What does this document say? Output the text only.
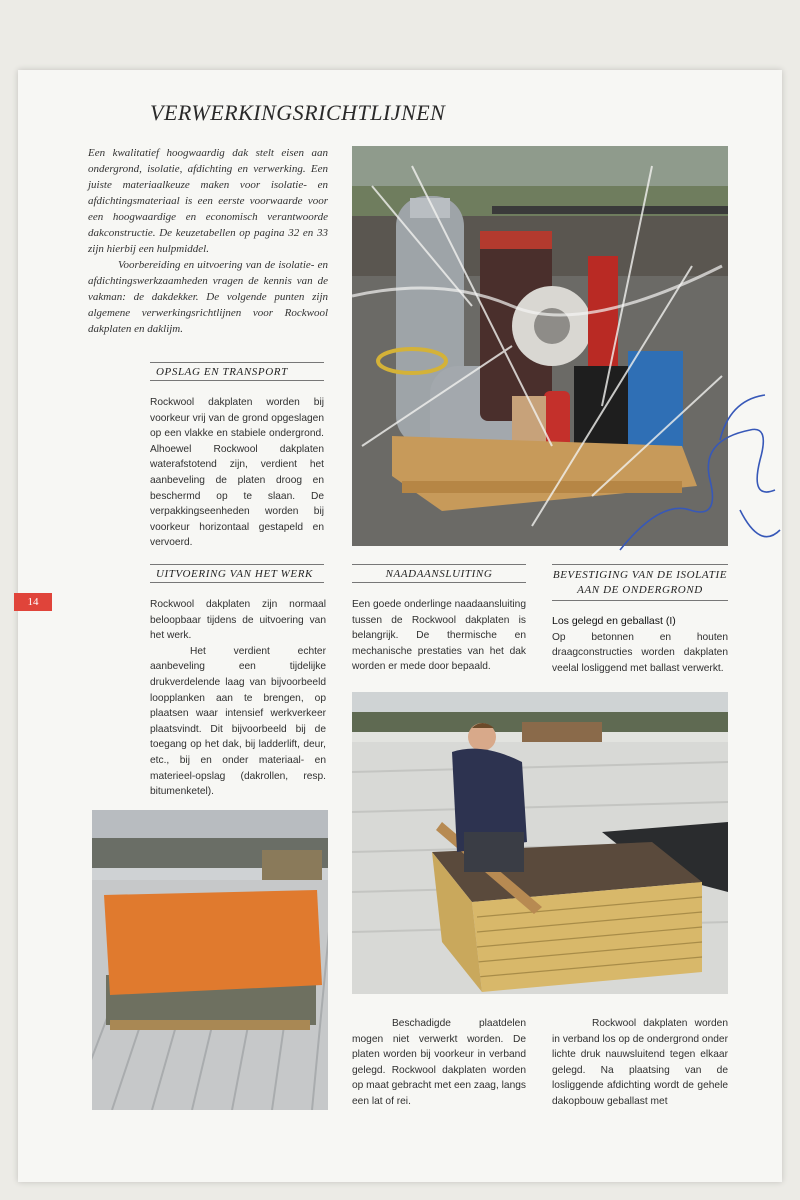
VERWERKINGSRICHTLIJNEN

Een kwalitatief hoogwaardig dak stelt eisen aan ondergrond, isolatie, afdichting en verwerking. Een juiste materiaalkeuze maken voor isolatie- en afdichtingsmateriaal is een eerste voorwaarde voor een hoogwaardige en economisch verantwoorde dakconstructie. De keuzetabellen op pagina 32 en 33 zijn hierbij een hulpmiddel.

Voorbereiding en uitvoering van de isolatie- en afdichtingswerkzaamheden vragen de kennis van de vakman: de dakdekker. De volgende punten zijn algemene verwerkingsrichtlijnen voor Rockwool dakplaten en daklijm.

OPSLAG EN TRANSPORT

Rockwool dakplaten worden bij voorkeur vrij van de grond opgeslagen op een vlakke en stabiele ondergrond. Alhoewel Rockwool dakplaten waterafstotend zijn, verdient het aanbeveling de platen droog en beschermd op te slaan. De verpakkingseenheden worden bij voorkeur horizontaal gestapeld en vervoerd.

14
UITVOERING VAN HET WERK

Rockwool dakplaten zijn normaal beloopbaar tijdens de uitvoering van het werk.

Het verdient echter aanbeveling een tijdelijke drukverdelende laag van bijvoorbeeld loopplanken aan te brengen, op plaatsen waar intensief werkverkeer plaatsvindt. Dit bijvoorbeeld bij de toegang op het dak, bij ladderlift, deur, etc., bij en onder materiaal- en materieel-opslag (dakrollen, resp. bitumenketel).

NAADAANSLUITING

Een goede onderlinge naadaansluiting tussen de Rockwool dakplaten is belangrijk. De thermische en mechanische prestaties van het dak worden er mede door bepaald.

BEVESTIGING VAN DE ISOLATIE
AAN DE ONDERGROND

Los gelegd en geballast (I)

Op betonnen en houten draagconstructies worden dakplaten veelal losliggend met ballast verwerkt.

Beschadigde plaatdelen mogen niet verwerkt worden. De platen worden bij voorkeur in verband gelegd. Rockwool dakplaten worden op maat gebracht met een zaag, langs een lat of rei.

Rockwool dakplaten worden in verband los op de ondergrond onder lichte druk nauwsluitend tegen elkaar gelegd. Na plaatsing van de losliggende afdichting wordt de gehele dakopbouw geballast met
